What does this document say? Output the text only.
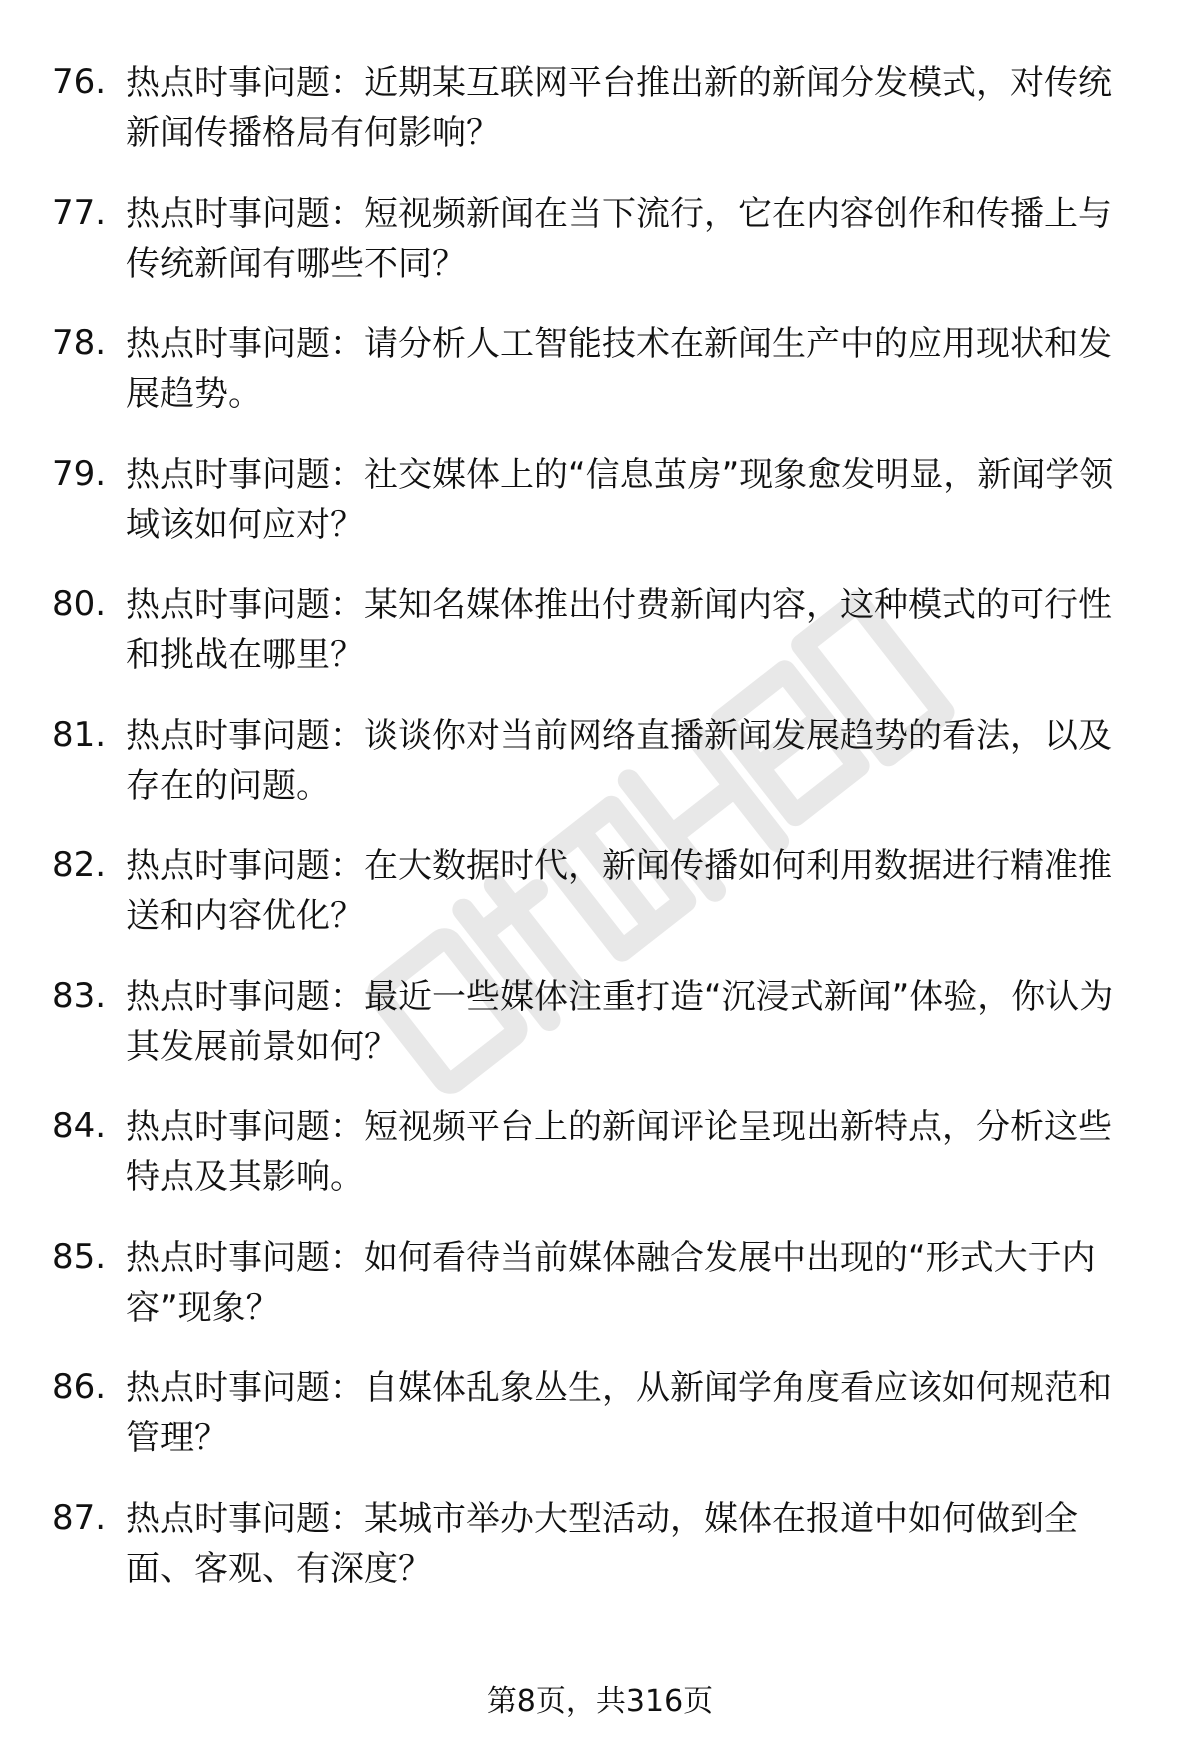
76. 热点时事问题：近期某互联网平台推出新的新闻分发模式，对传统新闻传播格局有何影响？
77. 热点时事问题：短视频新闻在当下流行，它在内容创作和传播上与传统新闻有哪些不同？
78. 热点时事问题：请分析人工智能技术在新闻生产中的应用现状和发展趋势。
79. 热点时事问题：社交媒体上的“信息茧房”现象愈发明显，新闻学领域该如何应对？
80. 热点时事问题：某知名媒体推出付费新闻内容，这种模式的可行性和挑战在哪里？
81. 热点时事问题：谈谈你对当前网络直播新闻发展趋势的看法，以及存在的问题。
82. 热点时事问题：在大数据时代，新闻传播如何利用数据进行精准推送和内容优化？
83. 热点时事问题：最近一些媒体注重打造“沉浸式新闻”体验，你认为其发展前景如何？
84. 热点时事问题：短视频平台上的新闻评论呈现出新特点，分析这些特点及其影响。
85. 热点时事问题：如何看待当前媒体融合发展中出现的“形式大于内容”现象？
86. 热点时事问题：自媒体乱象丛生，从新闻学角度看应该如何规范和管理？
87. 热点时事问题：某城市举办大型活动，媒体在报道中如何做到全面、客观、有深度？
第8页，共316页
